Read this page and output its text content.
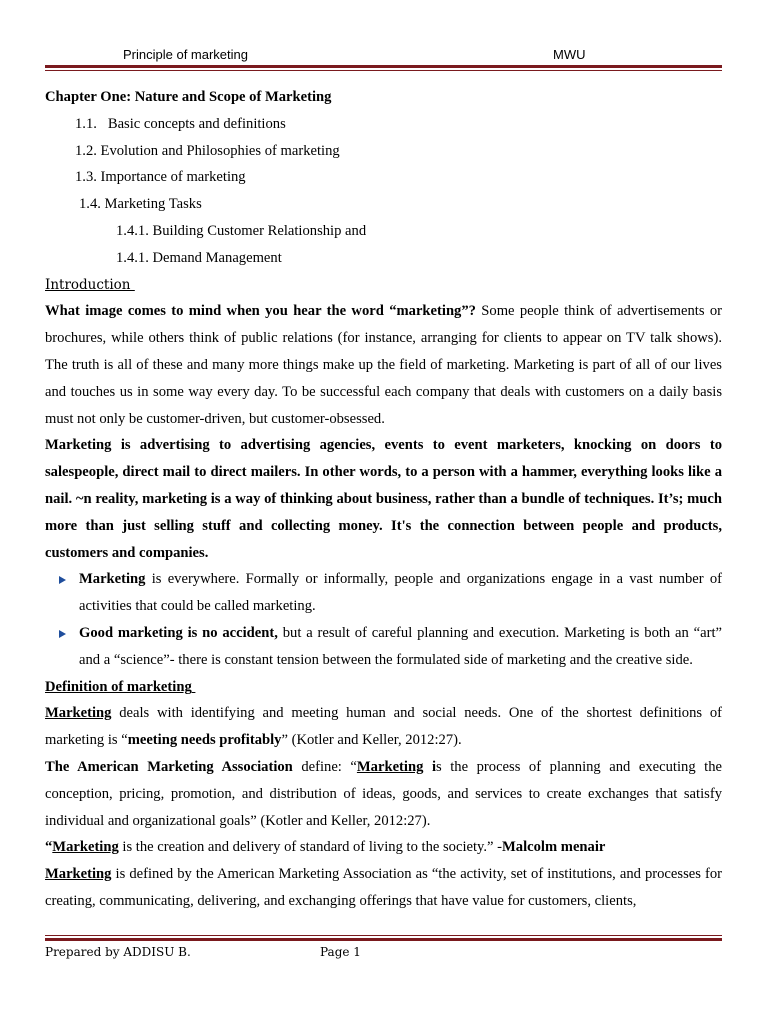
Principle of marketing	MWU

Chapter One: Nature and Scope of Marketing

1.1. Basic concepts and definitions

1.2. Evolution and Philosophies of marketing

1.3. Importance of marketing

1.4. Marketing Tasks

1.4.1. Building Customer Relationship and

1.4.1. Demand Management

Introduction

What image comes to mind when you hear the word “marketing”? Some people think of advertisements or brochures, while others think of public relations (for instance, arranging for clients to appear on TV talk shows). The truth is all of these and many more things make up the field of marketing. Marketing is part of all of our lives and touches us in some way every day. To be successful each company that deals with customers on a daily basis must not only be customer-driven, but customer-obsessed.

Marketing is advertising to advertising agencies, events to event marketers, knocking on doors to salespeople, direct mail to direct mailers. In other words, to a person with a hammer, everything looks like a nail. ~n reality, marketing is a way of thinking about business, rather than a bundle of techniques. It’s; much more than just selling stuff and collecting money. It's the connection between people and products, customers and companies.

Marketing is everywhere. Formally or informally, people and organizations engage in a vast number of activities that could be called marketing.

Good marketing is no accident, but a result of careful planning and execution. Marketing is both an “art” and a “science”- there is constant tension between the formulated side of marketing and the creative side.

Definition of marketing

Marketing deals with identifying and meeting human and social needs. One of the shortest definitions of marketing is “meeting needs profitably” (Kotler and Keller, 2012:27).

The American Marketing Association define: “Marketing is the process of planning and executing the conception, pricing, promotion, and distribution of ideas, goods, and services to create exchanges that satisfy individual and organizational goals” (Kotler and Keller, 2012:27).

“Marketing is the creation and delivery of standard of living to the society.” -Malcolm menair

Marketing is defined by the American Marketing Association as “the activity, set of institutions, and processes for creating, communicating, delivering, and exchanging offerings that have value for customers, clients,

Prepared by ADDISU B.	Page 1
